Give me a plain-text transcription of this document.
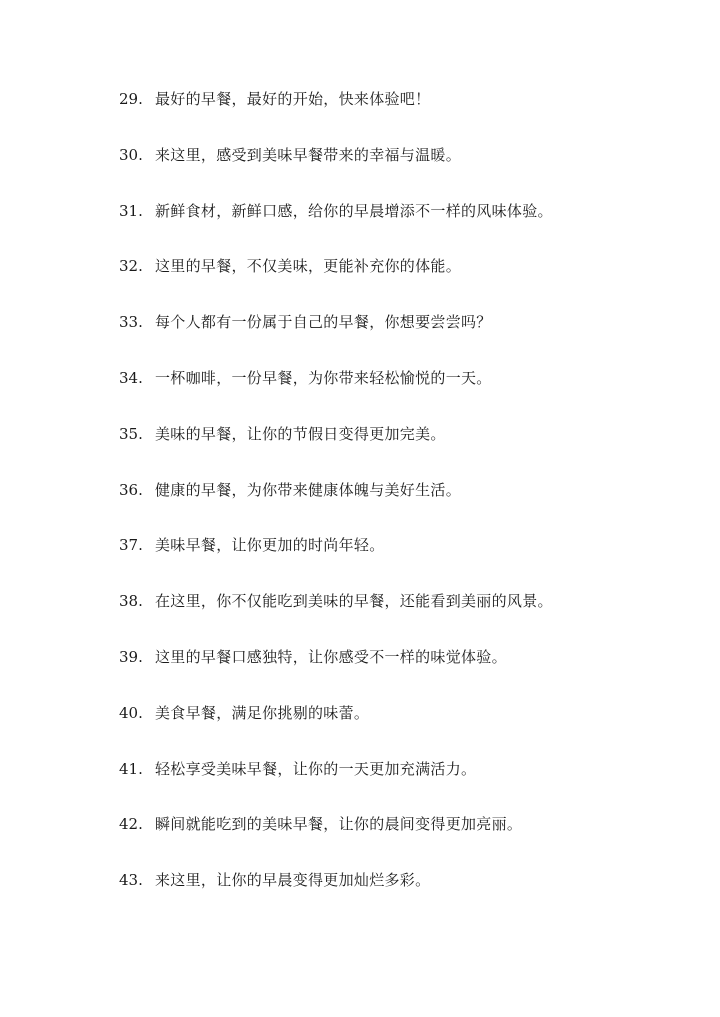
29. 最好的早餐，最好的开始，快来体验吧！
30. 来这里，感受到美味早餐带来的幸福与温暖。
31. 新鲜食材，新鲜口感，给你的早晨增添不一样的风味体验。
32. 这里的早餐，不仅美味，更能补充你的体能。
33. 每个人都有一份属于自己的早餐，你想要尝尝吗？
34. 一杯咖啡，一份早餐，为你带来轻松愉悦的一天。
35. 美味的早餐，让你的节假日变得更加完美。
36. 健康的早餐，为你带来健康体魄与美好生活。
37. 美味早餐，让你更加的时尚年轻。
38. 在这里，你不仅能吃到美味的早餐，还能看到美丽的风景。
39. 这里的早餐口感独特，让你感受不一样的味觉体验。
40. 美食早餐，满足你挑剔的味蕾。
41. 轻松享受美味早餐，让你的一天更加充满活力。
42. 瞬间就能吃到的美味早餐，让你的晨间变得更加亮丽。
43. 来这里，让你的早晨变得更加灿烂多彩。
